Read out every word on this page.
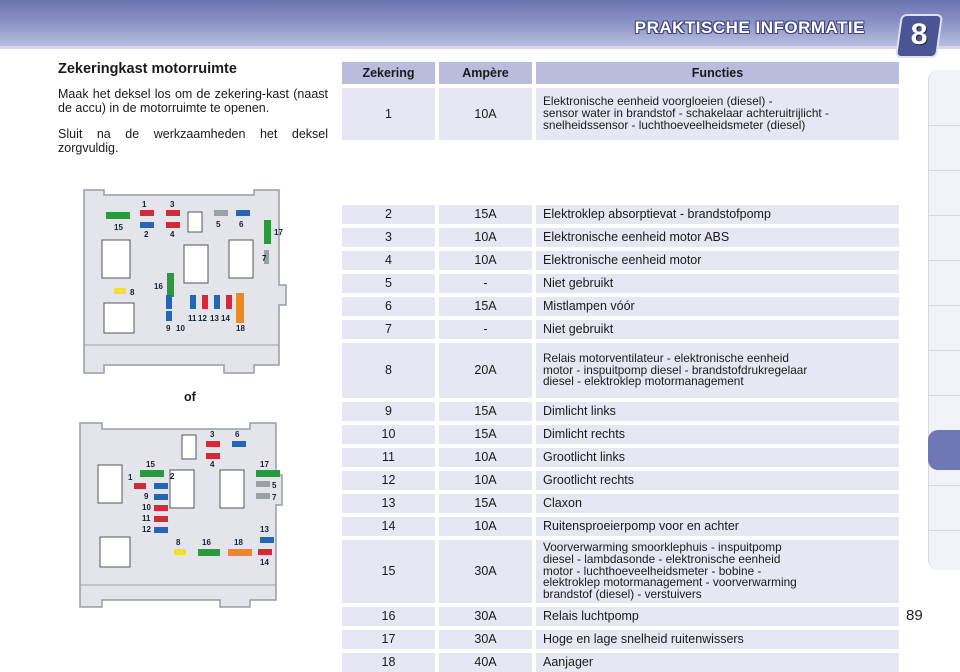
PRAKTISCHE INFORMATIE	8
Zekeringkast motorruimte

Maak het deksel los om de zekering-kast (naast de accu) in de motorruimte te openen.

Sluit na de werkzaamheden het deksel zorgvuldig.

1	3
15
2	4
5 6
17
7
16
8
11 12 13 14
9 10	18
of
3	6
4
15
2
17
1
9
10
11
12
5
7
13
8	16	18
14
Zekering	Ampère	Functies
1	10A
Elektronische eenheid voorgloeien (diesel) -
sensor water in brandstof - schakelaar achteruitrijlicht -
snelheidssensor - luchthoeveelheidsmeter (diesel)
2	15A	Elektroklep absorptievat - brandstofpomp
3	10A	Elektronische eenheid motor ABS
4	10A	Elektronische eenheid motor
5	-	Niet gebruikt
6	15A	Mistlampen vóór
7	-	Niet gebruikt
8	20A
Relais motorventilateur - elektronische eenheid
motor - inspuitpomp diesel - brandstofdrukregelaar
diesel - elektroklep motormanagement
9	15A	Dimlicht links
10	15A	Dimlicht rechts
11	10A	Grootlicht links
12	10A	Grootlicht rechts
13	15A	Claxon
14	10A	Ruitensproeierpomp voor en achter
15	30A
Voorverwarming smoorklephuis - inspuitpomp
diesel - lambdasonde - elektronische eenheid
motor - luchthoeveelheidsmeter - bobine -
elektroklep motormanagement - voorverwarming
brandstof (diesel) - verstuivers
16	30A	Relais luchtpomp
17	30A	Hoge en lage snelheid ruitenwissers
18	40A	Aanjager
89
